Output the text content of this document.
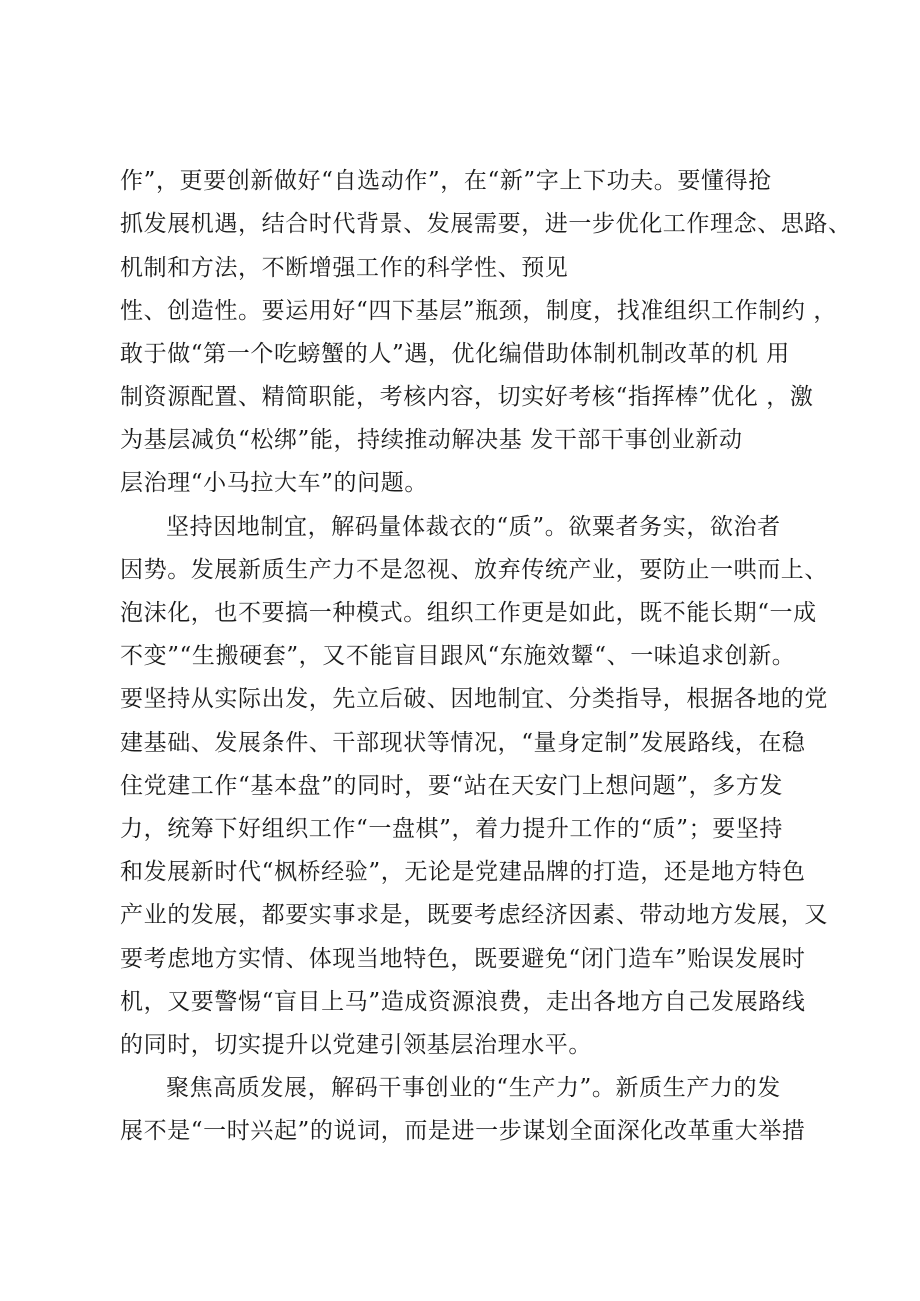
作”，更要创新做好“自选动作”，在“新”字上下功夫。要懂得抢

抓发展机遇，结合时代背景、发展需要，进一步优化工作理念、思路、

机制和方法，不断增强工作的科学性、预见

性、创造性。要运用好“四下基层”瓶颈，制度，找准组织工作制约 ，

敢于做“第一个吃螃蟹的人”遇，优化编借助体制机制改革的机 用

制资源配置、精简职能，考核内容，切实好考核“指挥棒”优化 ，激

为基层减负“松绑”能，持续推动解决基 发干部干事创业新动

层治理“小马拉大车”的问题。

坚持因地制宜，解码量体裁衣的“质”。欲粟者务实，欲治者

因势。发展新质生产力不是忽视、放弃传统产业，要防止一哄而上、

泡沫化，也不要搞一种模式。组织工作更是如此，既不能长期“一成

不变”“生搬硬套”，又不能盲目跟风“东施效颦“、一味追求创新。

要坚持从实际出发，先立后破、因地制宜、分类指导，根据各地的党

建基础、发展条件、干部现状等情况，“量身定制”发展路线，在稳

住党建工作“基本盘”的同时，要“站在天安门上想问题”，多方发

力，统筹下好组织工作“一盘棋”，着力提升工作的“质”；要坚持

和发展新时代“枫桥经验”，无论是党建品牌的打造，还是地方特色

产业的发展，都要实事求是，既要考虑经济因素、带动地方发展，又

要考虑地方实情、体现当地特色，既要避免“闭门造车”贻误发展时

机，又要警惕“盲目上马”造成资源浪费，走出各地方自己发展路线

的同时，切实提升以党建引领基层治理水平。

聚焦高质发展，解码干事创业的“生产力”。新质生产力的发

展不是“一时兴起”的说词，而是进一步谋划全面深化改革重大举措
